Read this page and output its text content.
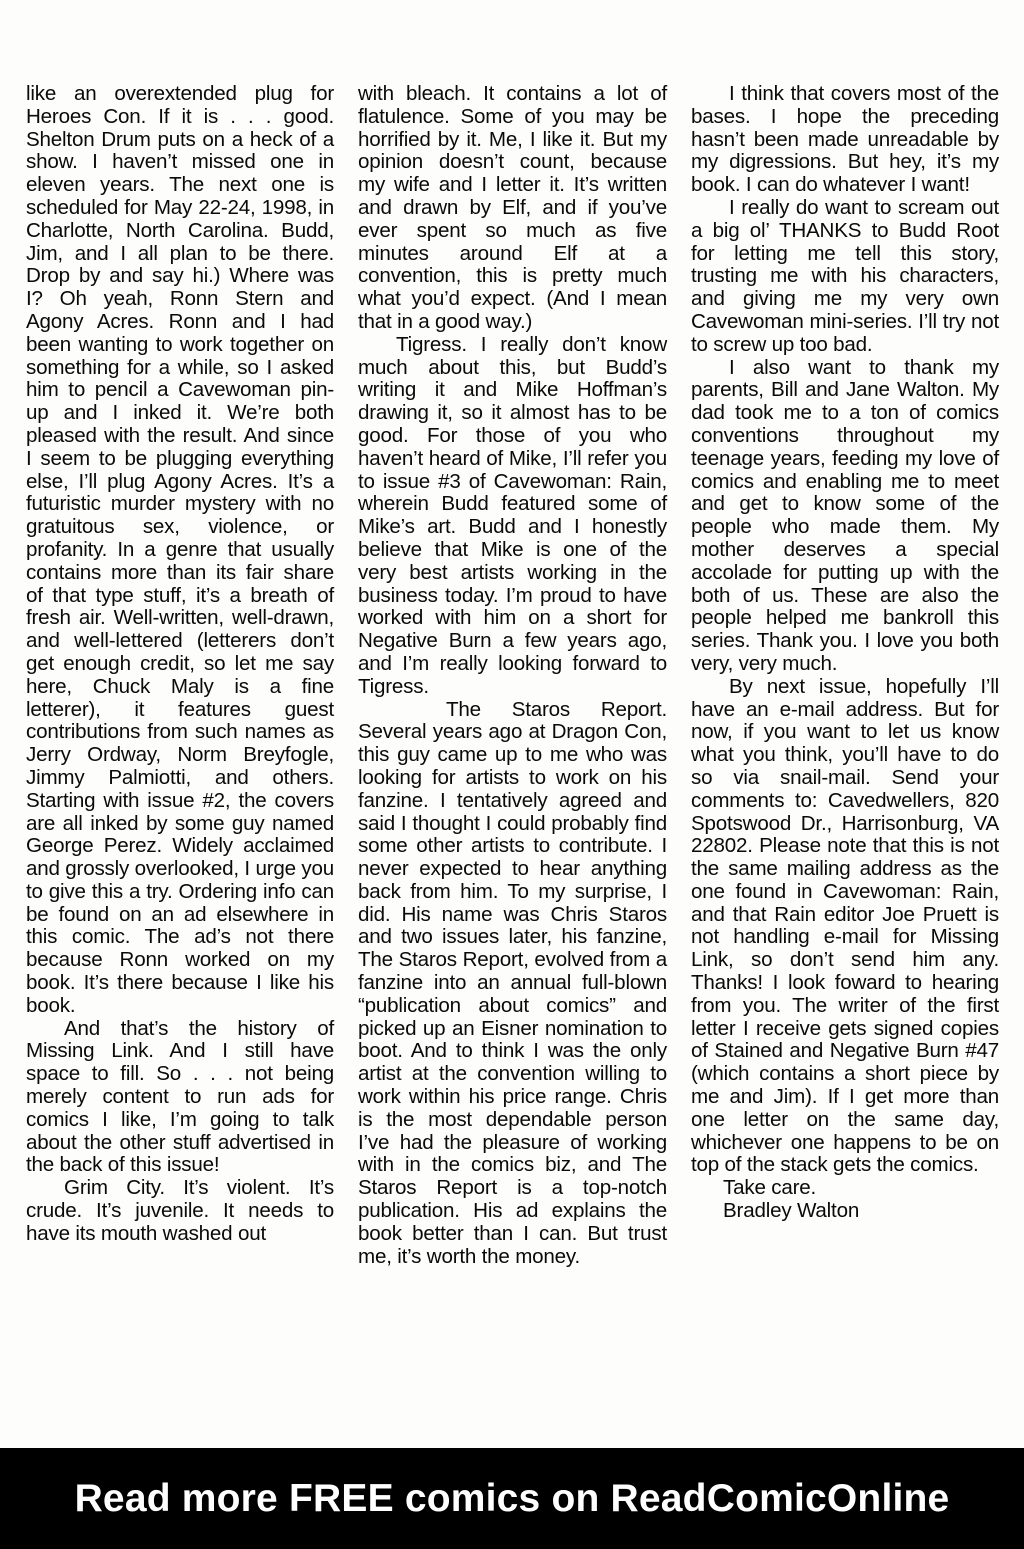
like an overextended plug for Heroes Con. If it is . . . good. Shelton Drum puts on a heck of a show. I haven’t missed one in eleven years. The next one is scheduled for May 22-24, 1998, in Charlotte, North Carolina. Budd, Jim, and I all plan to be there. Drop by and say hi.) Where was I? Oh yeah, Ronn Stern and Agony Acres. Ronn and I had been wanting to work together on something for a while, so I asked him to pencil a Cavewoman pin-up and I inked it. We’re both pleased with the result. And since I seem to be plugging everything else, I’ll plug Agony Acres. It’s a futuristic murder mystery with no gratuitous sex, violence, or profanity. In a genre that usually contains more than its fair share of that type stuff, it’s a breath of fresh air. Well-written, well-drawn, and well-lettered (letterers don’t get enough credit, so let me say here, Chuck Maly is a fine letterer), it features guest contributions from such names as Jerry Ordway, Norm Breyfogle, Jimmy Palmiotti, and others. Starting with issue #2, the covers are all inked by some guy named George Perez. Widely acclaimed and grossly overlooked, I urge you to give this a try. Ordering info can be found on an ad elsewhere in this comic. The ad’s not there because Ronn worked on my book. It’s there because I like his book.

And that’s the history of Missing Link. And I still have space to fill. So . . . not being merely content to run ads for comics I like, I’m going to talk about the other stuff advertised in the back of this issue!

Grim City. It’s violent. It’s crude. It’s juvenile. It needs to have its mouth washed out

with bleach. It contains a lot of flatulence. Some of you may be horrified by it. Me, I like it. But my opinion doesn’t count, because my wife and I letter it. It’s written and drawn by Elf, and if you’ve ever spent so much as five minutes around Elf at a convention, this is pretty much what you’d expect. (And I mean that in a good way.)

Tigress. I really don’t know much about this, but Budd’s writing it and Mike Hoffman’s drawing it, so it almost has to be good. For those of you who haven’t heard of Mike, I’ll refer you to issue #3 of Cavewoman: Rain, wherein Budd featured some of Mike’s art. Budd and I honestly believe that Mike is one of the very best artists working in the business today. I’m proud to have worked with him on a short for Negative Burn a few years ago, and I’m really looking forward to Tigress.

The Staros Report. Several years ago at Dragon Con, this guy came up to me who was looking for artists to work on his fanzine. I tentatively agreed and said I thought I could probably find some other artists to contribute. I never expected to hear anything back from him. To my surprise, I did. His name was Chris Staros and two issues later, his fanzine, The Staros Report, evolved from a fanzine into an annual full-blown “publication about comics” and picked up an Eisner nomination to boot. And to think I was the only artist at the convention willing to work within his price range. Chris is the most dependable person I’ve had the pleasure of working with in the comics biz, and The Staros Report is a top-notch publication. His ad explains the book better than I can. But trust me, it’s worth the money.

I think that covers most of the bases. I hope the preceding hasn’t been made unreadable by my digressions. But hey, it’s my book. I can do whatever I want!

I really do want to scream out a big ol’ THANKS to Budd Root for letting me tell this story, trusting me with his characters, and giving me my very own Cavewoman mini-series. I’ll try not to screw up too bad.

I also want to thank my parents, Bill and Jane Walton. My dad took me to a ton of comics conventions throughout my teenage years, feeding my love of comics and enabling me to meet and get to know some of the people who made them. My mother deserves a special accolade for putting up with the both of us. These are also the people helped me bankroll this series. Thank you. I love you both very, very much.

By next issue, hopefully I’ll have an e-mail address. But for now, if you want to let us know what you think, you’ll have to do so via snail-mail. Send your comments to: Cavedwellers, 820 Spotswood Dr., Harrisonburg, VA 22802. Please note that this is not the same mailing address as the one found in Cavewoman: Rain, and that Rain editor Joe Pruett is not handling e-mail for Missing Link, so don’t send him any. Thanks! I look foward to hearing from you. The writer of the first letter I receive gets signed copies of Stained and Negative Burn #47 (which contains a short piece by me and Jim). If I get more than one letter on the same day, whichever one happens to be on top of the stack gets the comics.

Take care.

Bradley Walton

Read more FREE comics on ReadComicOnline
